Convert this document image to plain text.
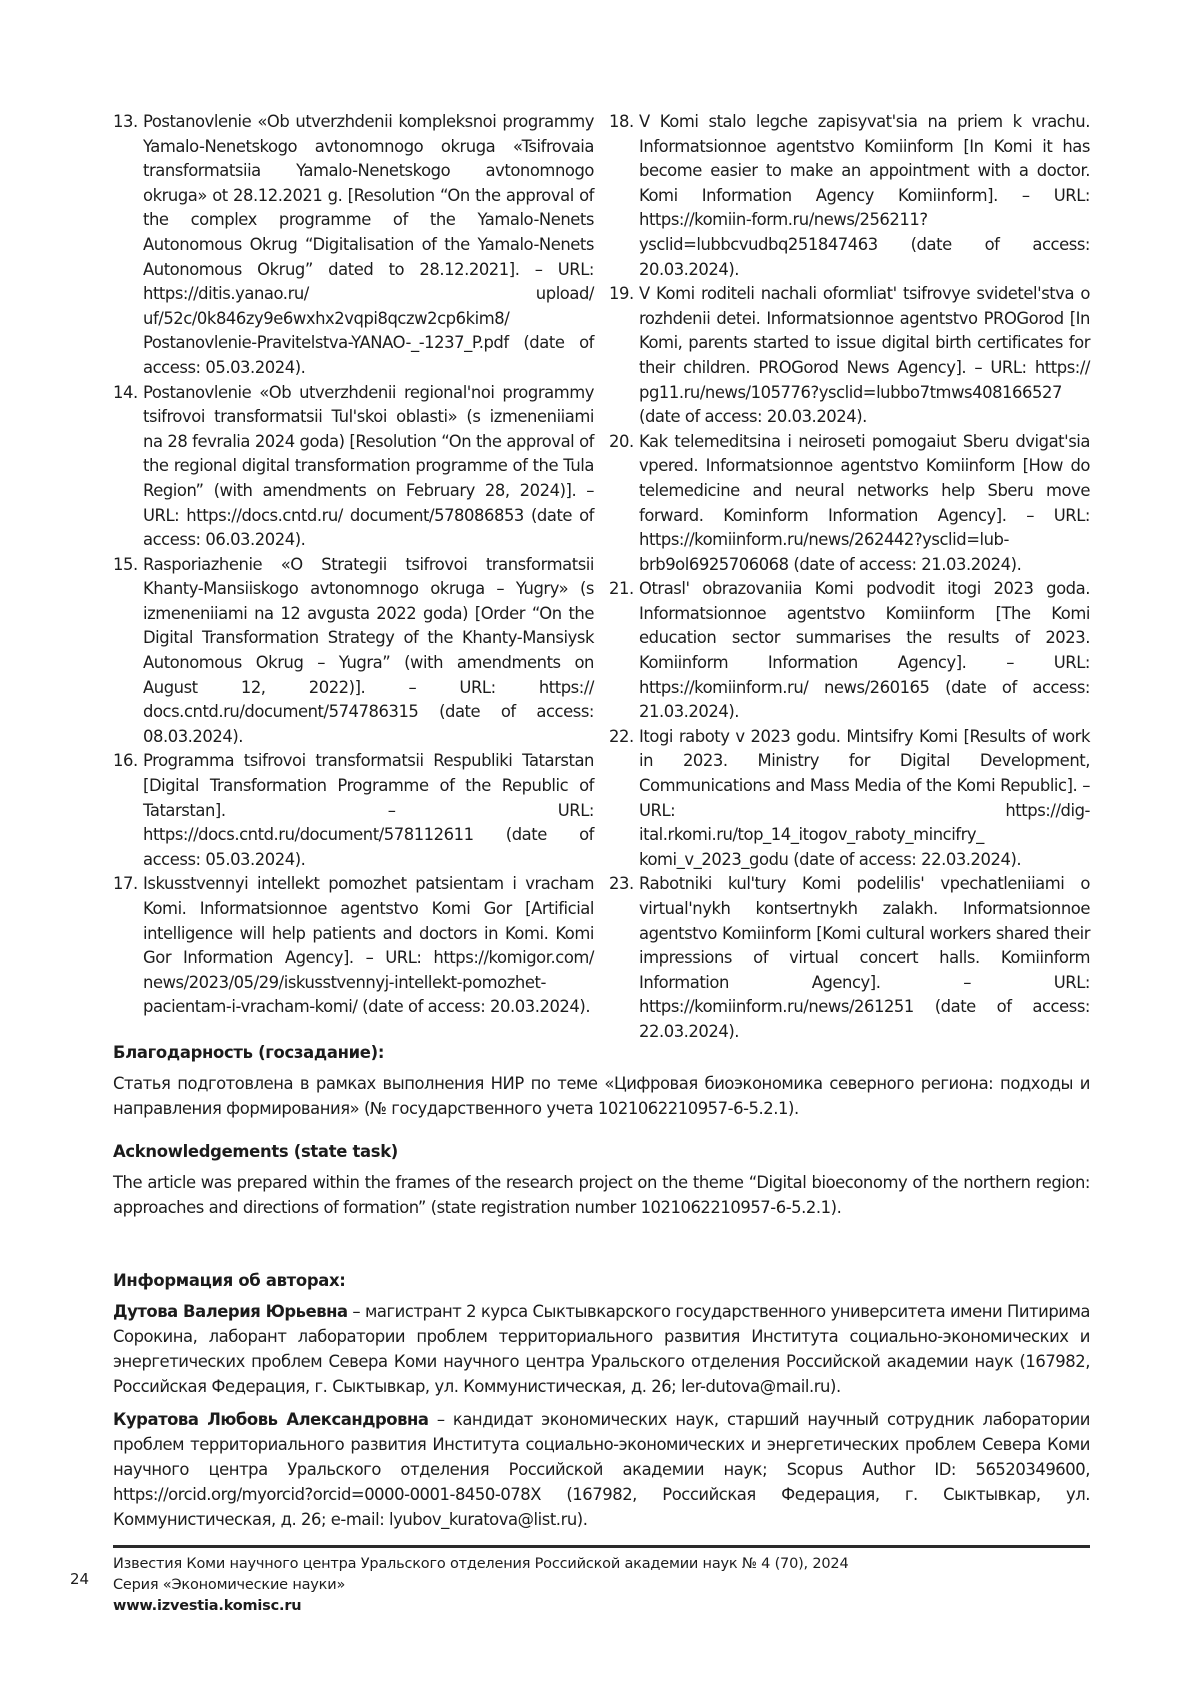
13. Postanovlenie «Ob utverzhdenii kompleksnoi programmy Yamalo-Nenetskogo avtonomnogo okruga «Tsifrovaia transformatsiia Yamalo-Nenetskogo avtonomnogo okruga» ot 28.12.2021 g. [Resolution “On the approval of the complex programme of the Yamalo-Nenets Autonomous Okrug “Digitalisation of the Yamalo-Nenets Autonomous Okrug” dated to 28.12.2021]. – URL: https://ditis.yanao.ru/ upload/ uf/52c/0k846zy9e6wxhx2vqpi8qczw2cp6kim8/ Postanovlenie-Pravitelstva-YANAO-_-1237_P.pdf (date of access: 05.03.2024).
14. Postanovlenie «Ob utverzhdenii regional'noi programmy tsifrovoi transformatsii Tul'skoi oblasti» (s izmeneniiami na 28 fevralia 2024 goda) [Resolution “On the approval of the regional digital transformation programme of the Tula Region” (with amendments on February 28, 2024)]. – URL: https://docs.cntd.ru/ document/578086853 (date of access: 06.03.2024).
15. Rasporiazhenie «O Strategii tsifrovoi transformatsii Khanty-Mansiiskogo avtonomnogo okruga – Yugry» (s izmeneniiami na 12 avgusta 2022 goda) [Order “On the Digital Transformation Strategy of the Khanty-Mansiysk Autonomous Okrug – Yugra” (with amendments on August 12, 2022)]. – URL: https:// docs.cntd.ru/document/574786315 (date of access: 08.03.2024).
16. Programma tsifrovoi transformatsii Respubliki Tatarstan [Digital Transformation Programme of the Republic of Tatarstan]. – URL: https://docs.cntd.ru/document/578112611 (date of access: 05.03.2024).
17. Iskusstvennyi intellekt pomozhet patsientam i vracham Komi. Informatsionnoe agentstvo Komi Gor [Artificial intelligence will help patients and doctors in Komi. Komi Gor Information Agency]. – URL: https://komigor.com/ news/2023/05/29/iskusstvennyj-intellekt-pomozhet-pacientam-i-vracham-komi/ (date of access: 20.03.2024).
18. V Komi stalo legche zapisyvat'sia na priem k vrachu. Informatsionnoe agentstvo Komiinform [In Komi it has become easier to make an appointment with a doctor. Komi Information Agency Komiinform]. – URL: https://komiin-form.ru/news/256211?ysclid=lubbcvudbq251847463 (date of access: 20.03.2024).
19. V Komi roditeli nachali oformliat' tsifrovye svidetel'stva o rozhdenii detei. Informatsionnoe agentstvo PROGorod [In Komi, parents started to issue digital birth certificates for their children. PROGorod News Agency]. – URL: https:// pg11.ru/news/105776?ysclid=lubbo7tmws408166527 (date of access: 20.03.2024).
20. Kak telemeditsina i neiroseti pomogaiut Sberu dvigat'sia vpered. Informatsionnoe agentstvo Komiinform [How do telemedicine and neural networks help Sberu move forward. Kominform Information Agency]. – URL: https://komiinform.ru/news/262442?ysclid=lub-brb9ol6925706068 (date of access: 21.03.2024).
21. Otrasl' obrazovaniia Komi podvodit itogi 2023 goda. Informatsionnoe agentstvo Komiinform [The Komi education sector summarises the results of 2023. Komiinform Information Agency]. – URL: https://komiinform.ru/ news/260165 (date of access: 21.03.2024).
22. Itogi raboty v 2023 godu. Mintsifry Komi [Results of work in 2023. Ministry for Digital Development, Communications and Mass Media of the Komi Republic]. – URL: https://dig-ital.rkomi.ru/top_14_itogov_raboty_mincifry_ komi_v_2023_godu (date of access: 22.03.2024).
23. Rabotniki kul'tury Komi podelilis' vpechatleniiami o virtual'nykh kontsertnykh zalakh. Informatsionnoe agentstvo Komiinform [Komi cultural workers shared their impressions of virtual concert halls. Komiinform Information Agency]. – URL: https://komiinform.ru/news/261251 (date of access: 22.03.2024).
Благодарность (госзадание):

Статья подготовлена в рамках выполнения НИР по теме «Цифровая биоэкономика северного региона: подходы и направления формирования» (№ государственного учета 1021062210957-6-5.2.1).

Acknowledgements (state task)

The article was prepared within the frames of the research project on the theme “Digital bioeconomy of the northern region: approaches and directions of formation” (state registration number 1021062210957-6-5.2.1).

Информация об авторах:

Дутова Валерия Юрьевна – магистрант 2 курса Сыктывкарского государственного университета имени Питирима Сорокина, лаборант лаборатории проблем территориального развития Института социально-экономических и энергетических проблем Севера Коми научного центра Уральского отделения Российской академии наук (167982, Российская Федерация, г. Сыктывкар, ул. Коммунистическая, д. 26; ler-dutova@mail.ru).

Куратова Любовь Александровна – кандидат экономических наук, старший научный сотрудник лаборатории проблем территориального развития Института социально-экономических и энергетических проблем Севера Коми научного центра Уральского отделения Российской академии наук; Scopus Author ID: 56520349600, https://orcid.org/myorcid?orcid=0000-0001-8450-078X (167982, Российская Федерация, г. Сыктывкар, ул. Коммунистическая, д. 26; e-mail: lyubov_kuratova@list.ru).

24
Известия Коми научного центра Уральского отделения Российской академии наук № 4 (70), 2024
Серия «Экономические науки»
www.izvestia.komisc.ru
